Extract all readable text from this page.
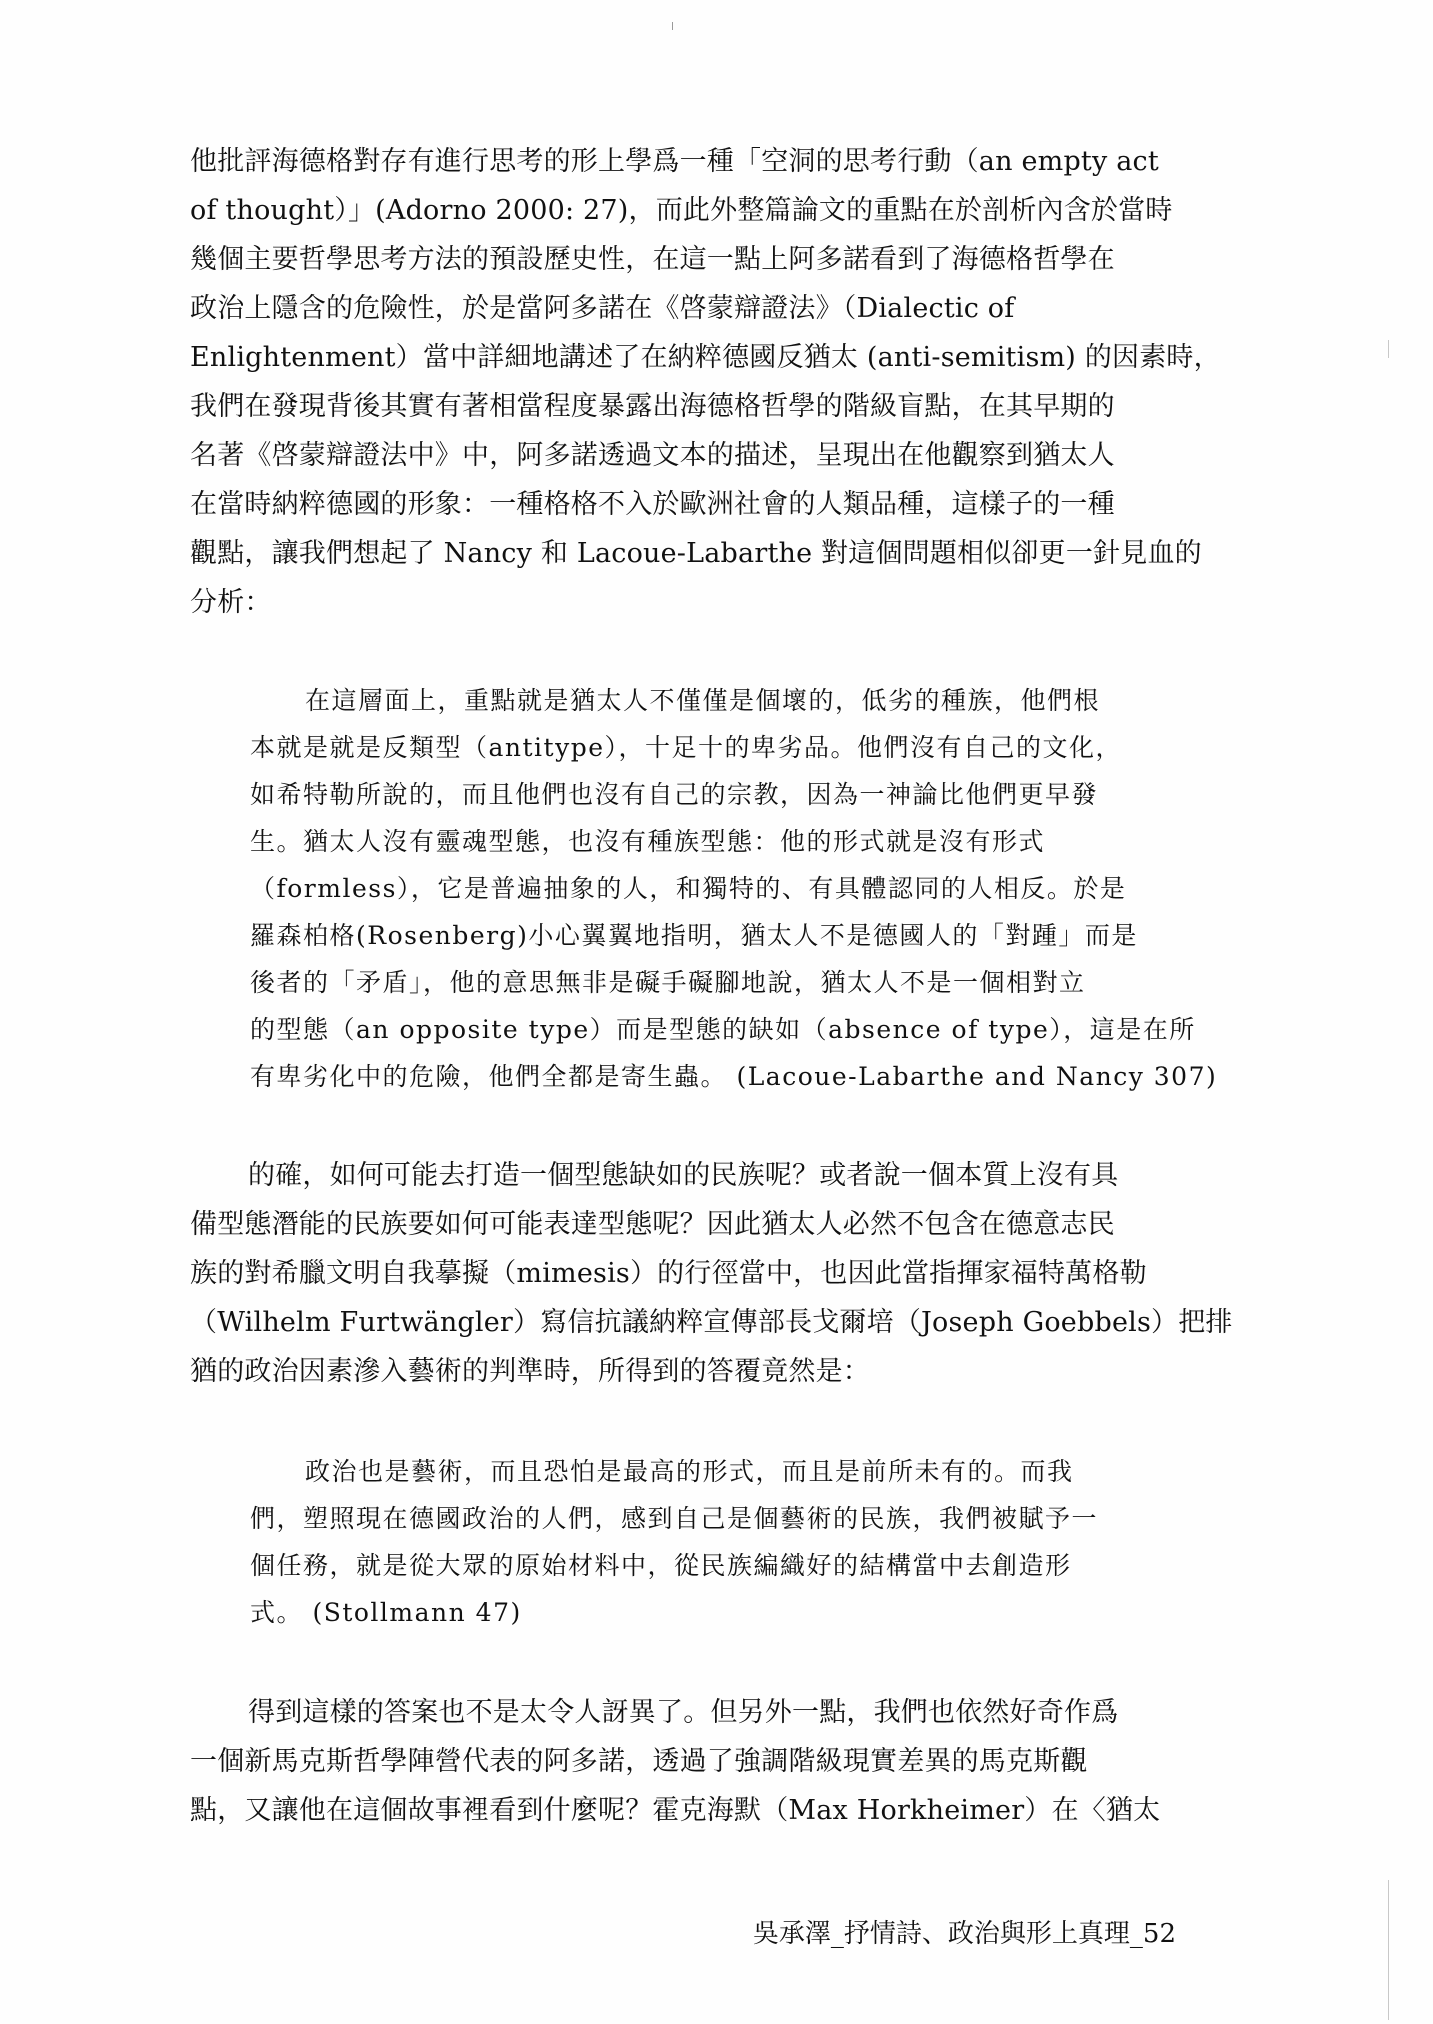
他批評海德格對存有進行思考的形上學爲一種「空洞的思考行動（an empty act
of thought）」(Adorno 2000: 27)，而此外整篇論文的重點在於剖析內含於當時
幾個主要哲學思考方法的預設歷史性，在這一點上阿多諾看到了海德格哲學在
政治上隱含的危險性，於是當阿多諾在《啓蒙辯證法》（Dialectic of
Enlightenment）當中詳細地講述了在納粹德國反猶太 (anti-semitism) 的因素時，
我們在發現背後其實有著相當程度暴露出海德格哲學的階級盲點，在其早期的
名著《啓蒙辯證法中》中，阿多諾透過文本的描述，呈現出在他觀察到猶太人
在當時納粹德國的形象：一種格格不入於歐洲社會的人類品種，這樣子的一種
觀點，讓我們想起了 Nancy 和 Lacoue-Labarthe 對這個問題相似卻更一針見血的
分析：
在這層面上，重點就是猶太人不僅僅是個壞的，低劣的種族，他們根
本就是就是反類型（antitype），十足十的卑劣品。他們沒有自己的文化，
如希特勒所說的，而且他們也沒有自己的宗教，因為一神論比他們更早發
生。猶太人沒有靈魂型態，也沒有種族型態：他的形式就是沒有形式
（formless），它是普遍抽象的人，和獨特的、有具體認同的人相反。於是
羅森柏格(Rosenberg)小心翼翼地指明，猶太人不是德國人的「對踵」而是
後者的「矛盾」，他的意思無非是礙手礙腳地說，猶太人不是一個相對立
的型態（an opposite type）而是型態的缺如（absence of type），這是在所
有卑劣化中的危險，他們全都是寄生蟲。 (Lacoue-Labarthe and Nancy 307)
的確，如何可能去打造一個型態缺如的民族呢？或者說一個本質上沒有具
備型態潛能的民族要如何可能表達型態呢？因此猶太人必然不包含在德意志民
族的對希臘文明自我摹擬（mimesis）的行徑當中，也因此當指揮家福特萬格勒
（Wilhelm Furtwängler）寫信抗議納粹宣傳部長戈爾培（Joseph Goebbels）把排
猶的政治因素滲入藝術的判準時，所得到的答覆竟然是：
政治也是藝術，而且恐怕是最高的形式，而且是前所未有的。而我
們，塑照現在德國政治的人們，感到自己是個藝術的民族，我們被賦予一
個任務，就是從大眾的原始材料中，從民族編織好的結構當中去創造形
式。 (Stollmann 47)
得到這樣的答案也不是太令人訝異了。但另外一點，我們也依然好奇作爲
一個新馬克斯哲學陣營代表的阿多諾，透過了強調階級現實差異的馬克斯觀
點，又讓他在這個故事裡看到什麼呢？霍克海默（Max Horkheimer）在〈猶太
吳承澤_抒情詩、政治與形上真理_52
